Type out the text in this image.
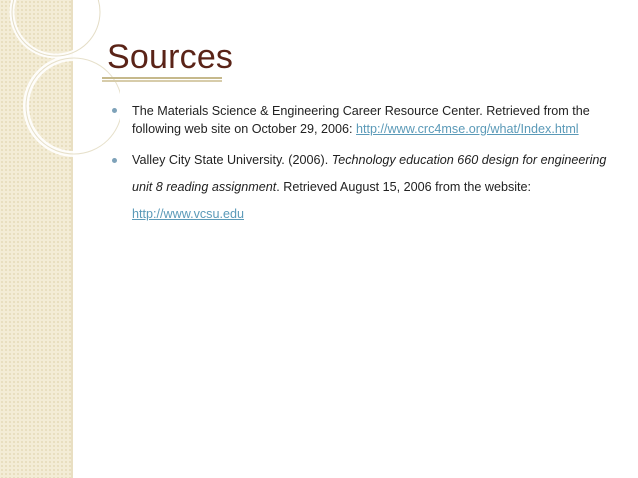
Sources
The Materials Science & Engineering Career Resource Center. Retrieved from the following web site on October 29, 2006: http://www.crc4mse.org/what/Index.html
Valley City State University. (2006). Technology education 660 design for engineering unit 8 reading assignment. Retrieved August 15, 2006 from the website:
http://www.vcsu.edu
